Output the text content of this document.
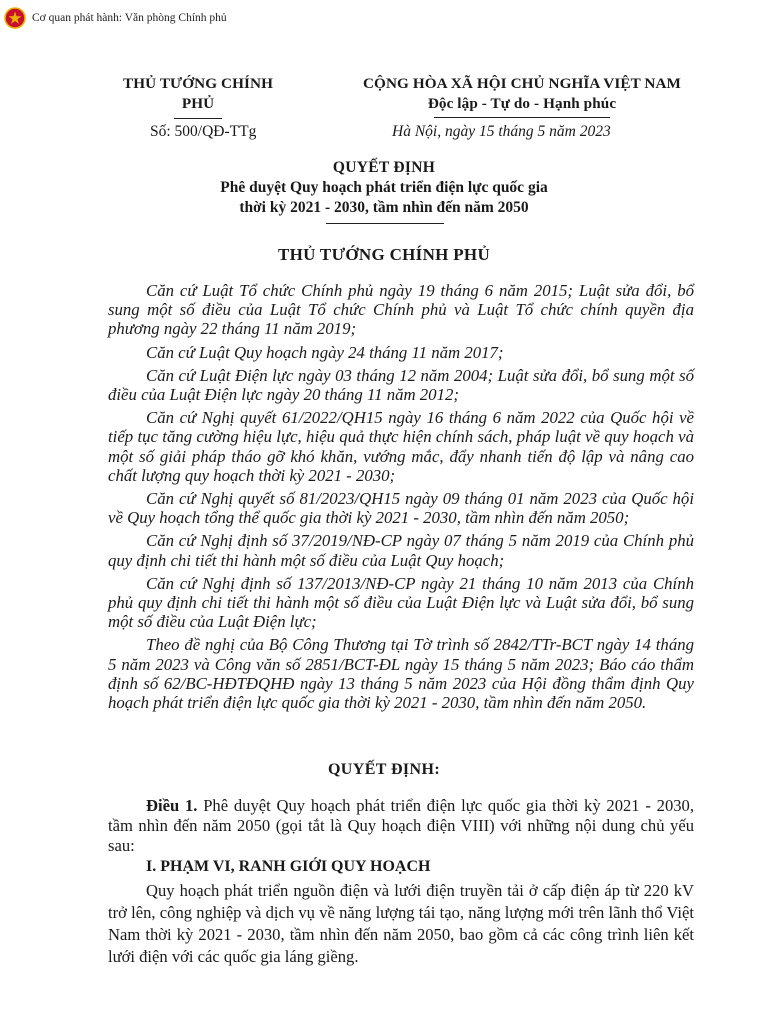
Cơ quan phát hành: Văn phòng Chính phủ
THỦ TƯỚNG CHÍNH PHỦ
CỘNG HÒA XÃ HỘI CHỦ NGHĨA VIỆT NAM
Độc lập - Tự do - Hạnh phúc
Số: 500/QĐ-TTg	Hà Nội, ngày 15 tháng 5 năm 2023
QUYẾT ĐỊNH
Phê duyệt Quy hoạch phát triển điện lực quốc gia
thời kỳ 2021 - 2030, tầm nhìn đến năm 2050
THỦ TƯỚNG CHÍNH PHỦ

Căn cứ Luật Tổ chức Chính phủ ngày 19 tháng 6 năm 2015; Luật sửa đổi, bổ sung một số điều của Luật Tổ chức Chính phủ và Luật Tổ chức chính quyền địa phương ngày 22 tháng 11 năm 2019;

Căn cứ Luật Quy hoạch ngày 24 tháng 11 năm 2017;

Căn cứ Luật Điện lực ngày 03 tháng 12 năm 2004; Luật sửa đổi, bổ sung một số điều của Luật Điện lực ngày 20 tháng 11 năm 2012;

Căn cứ Nghị quyết 61/2022/QH15 ngày 16 tháng 6 năm 2022 của Quốc hội về tiếp tục tăng cường hiệu lực, hiệu quả thực hiện chính sách, pháp luật về quy hoạch và một số giải pháp tháo gỡ khó khăn, vướng mắc, đẩy nhanh tiến độ lập và nâng cao chất lượng quy hoạch thời kỳ 2021 - 2030;

Căn cứ Nghị quyết số 81/2023/QH15 ngày 09 tháng 01 năm 2023 của Quốc hội về Quy hoạch tổng thể quốc gia thời kỳ 2021 - 2030, tầm nhìn đến năm 2050;

Căn cứ Nghị định số 37/2019/NĐ-CP ngày 07 tháng 5 năm 2019 của Chính phủ quy định chi tiết thi hành một số điều của Luật Quy hoạch;

Căn cứ Nghị định số 137/2013/NĐ-CP ngày 21 tháng 10 năm 2013 của Chính phủ quy định chi tiết thi hành một số điều của Luật Điện lực và Luật sửa đổi, bổ sung một số điều của Luật Điện lực;

Theo đề nghị của Bộ Công Thương tại Tờ trình số 2842/TTr-BCT ngày 14 tháng 5 năm 2023 và Công văn số 2851/BCT-ĐL ngày 15 tháng 5 năm 2023; Báo cáo thẩm định số 62/BC-HĐTĐQHĐ ngày 13 tháng 5 năm 2023 của Hội đồng thẩm định Quy hoạch phát triển điện lực quốc gia thời kỳ 2021 - 2030, tầm nhìn đến năm 2050.

QUYẾT ĐỊNH:

Điều 1. Phê duyệt Quy hoạch phát triển điện lực quốc gia thời kỳ 2021 - 2030, tầm nhìn đến năm 2050 (gọi tắt là Quy hoạch điện VIII) với những nội dung chủ yếu sau:

I. PHẠM VI, RANH GIỚI QUY HOẠCH

Quy hoạch phát triển nguồn điện và lưới điện truyền tải ở cấp điện áp từ 220 kV trở lên, công nghiệp và dịch vụ về năng lượng tái tạo, năng lượng mới trên lãnh thổ Việt Nam thời kỳ 2021 - 2030, tầm nhìn đến năm 2050, bao gồm cả các công trình liên kết lưới điện với các quốc gia láng giềng.
